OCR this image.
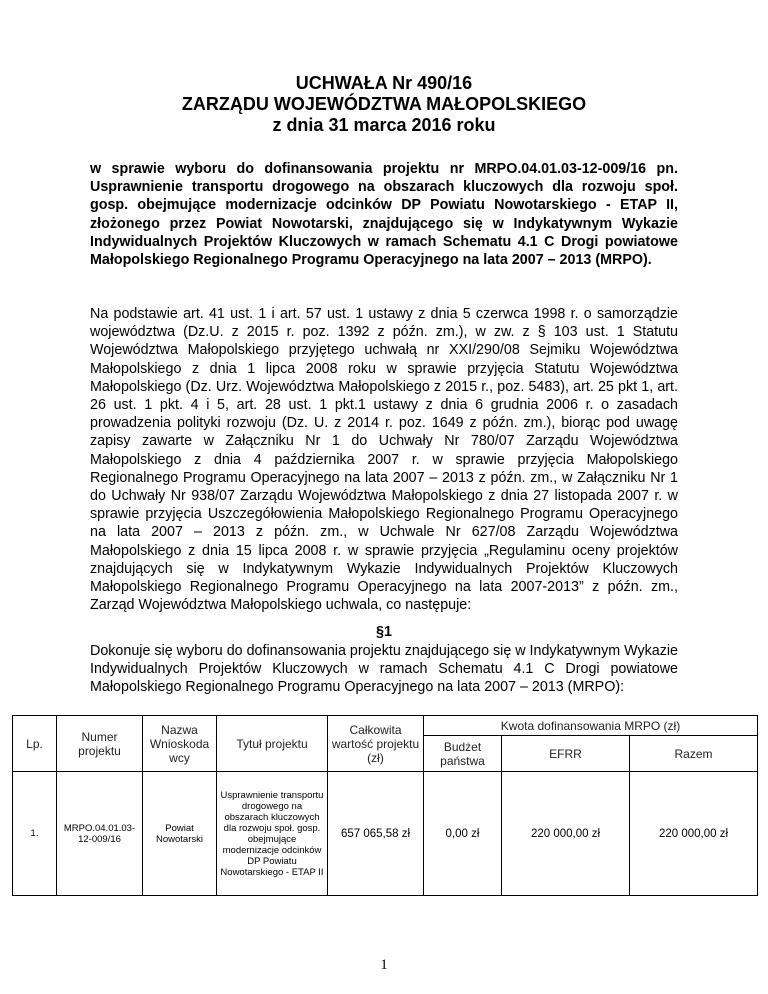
UCHWAŁA Nr 490/16
ZARZĄDU WOJEWÓDZTWA MAŁOPOLSKIEGO
z dnia 31 marca 2016 roku
w sprawie wyboru do dofinansowania projektu nr MRPO.04.01.03-12-009/16 pn. Usprawnienie transportu drogowego na obszarach kluczowych dla rozwoju społ. gosp. obejmujące modernizacje odcinków DP Powiatu Nowotarskiego - ETAP II, złożonego przez Powiat Nowotarski, znajdującego się w Indykatywnym Wykazie Indywidualnych Projektów Kluczowych w ramach Schematu 4.1 C Drogi powiatowe Małopolskiego Regionalnego Programu Operacyjnego na lata 2007 – 2013 (MRPO).
Na podstawie art. 41 ust. 1 i art. 57 ust. 1 ustawy z dnia 5 czerwca 1998 r. o samorządzie województwa (Dz.U. z 2015 r. poz. 1392 z późn. zm.), w zw. z § 103 ust. 1 Statutu Województwa Małopolskiego przyjętego uchwałą nr XXI/290/08 Sejmiku Województwa Małopolskiego z dnia 1 lipca 2008 roku w sprawie przyjęcia Statutu Województwa Małopolskiego (Dz. Urz. Województwa Małopolskiego z 2015 r., poz. 5483), art. 25 pkt 1, art. 26 ust. 1 pkt. 4 i 5, art. 28 ust. 1 pkt.1 ustawy z dnia 6 grudnia 2006 r. o zasadach prowadzenia polityki rozwoju (Dz. U. z 2014 r. poz. 1649 z późn. zm.), biorąc pod uwagę zapisy zawarte w Załączniku Nr 1 do Uchwały Nr 780/07 Zarządu Województwa Małopolskiego z dnia 4 października 2007 r. w sprawie przyjęcia Małopolskiego Regionalnego Programu Operacyjnego na lata 2007 – 2013 z późn. zm., w Załączniku Nr 1 do Uchwały Nr 938/07 Zarządu Województwa Małopolskiego z dnia 27 listopada 2007 r. w sprawie przyjęcia Uszczegółowienia Małopolskiego Regionalnego Programu Operacyjnego na lata 2007 – 2013 z późn. zm., w Uchwale Nr 627/08 Zarządu Województwa Małopolskiego z dnia 15 lipca 2008 r. w sprawie przyjęcia „Regulaminu oceny projektów znajdujących się w Indykatywnym Wykazie Indywidualnych Projektów Kluczowych Małopolskiego Regionalnego Programu Operacyjnego na lata 2007-2013” z późn. zm., Zarząd Województwa Małopolskiego uchwala, co następuje:
§1
Dokonuje się wyboru do dofinansowania projektu znajdującego się w Indykatywnym Wykazie Indywidualnych Projektów Kluczowych w ramach Schematu 4.1 C Drogi powiatowe Małopolskiego Regionalnego Programu Operacyjnego na lata 2007 – 2013 (MRPO):
Lp.	Numer projektu	Nazwa Wnioskoda wcy	Tytuł projektu	Całkowita wartość projektu (zł)	Kwota dofinansowania MRPO (zł)		
					Budżet państwa	EFRR	Razem
1.	MRPO.04.01.03-12-009/16	Powiat Nowotarski	Usprawnienie transportu drogowego na obszarach kluczowych dla rozwoju społ. gosp. obejmujące modernizacje odcinków DP Powiatu Nowotarskiego - ETAP II	657 065,58 zł	0,00 zł	220 000,00 zł	220 000,00 zł
1
